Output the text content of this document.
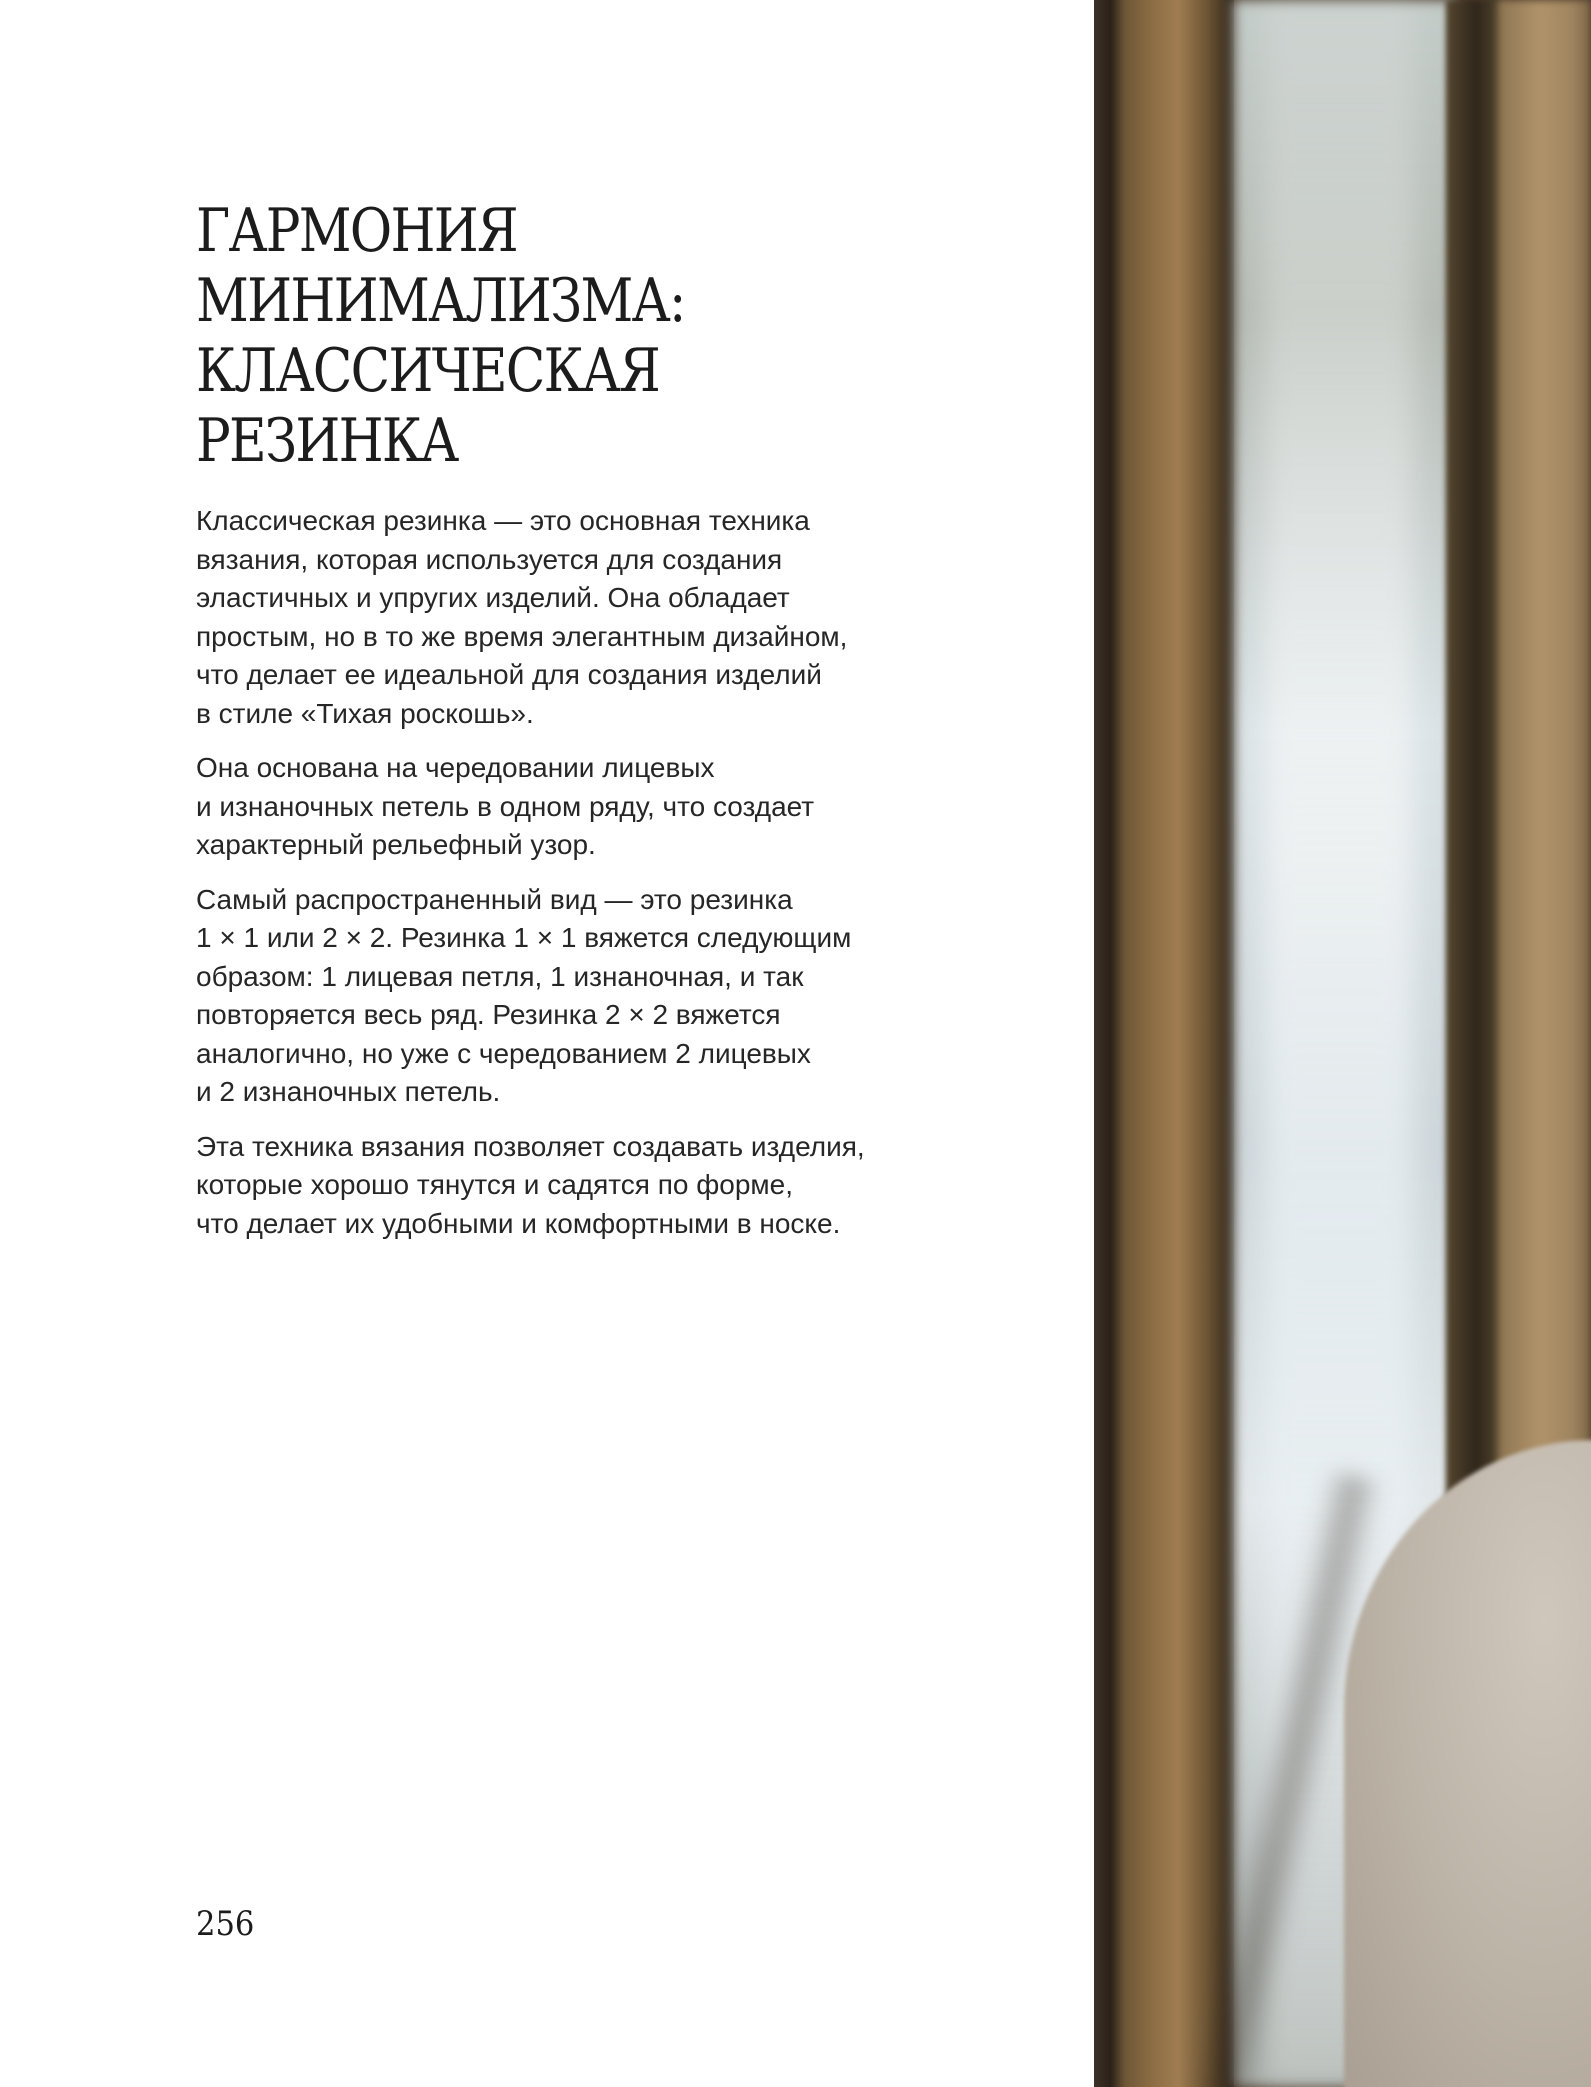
ГАРМОНИЯ
МИНИМАЛИЗМА:
КЛАССИЧЕСКАЯ
РЕЗИНКА

Классическая резинка — это основная техника
вязания, которая используется для создания
эластичных и упругих изделий. Она обладает
простым, но в то же время элегантным дизайном,
что делает ее идеальной для создания изделий
в стиле «Тихая роскошь».

Она основана на чередовании лицевых
и изнаночных петель в одном ряду, что создает
характерный рельефный узор.

Самый распространенный вид — это резинка
1 × 1 или 2 × 2. Резинка 1 × 1 вяжется следующим
образом: 1 лицевая петля, 1 изнаночная, и так
повторяется весь ряд. Резинка 2 × 2 вяжется
аналогично, но уже с чередованием 2 лицевых
и 2 изнаночных петель.

Эта техника вязания позволяет создавать изделия,
которые хорошо тянутся и садятся по форме,
что делает их удобными и комфортными в носке.

256
